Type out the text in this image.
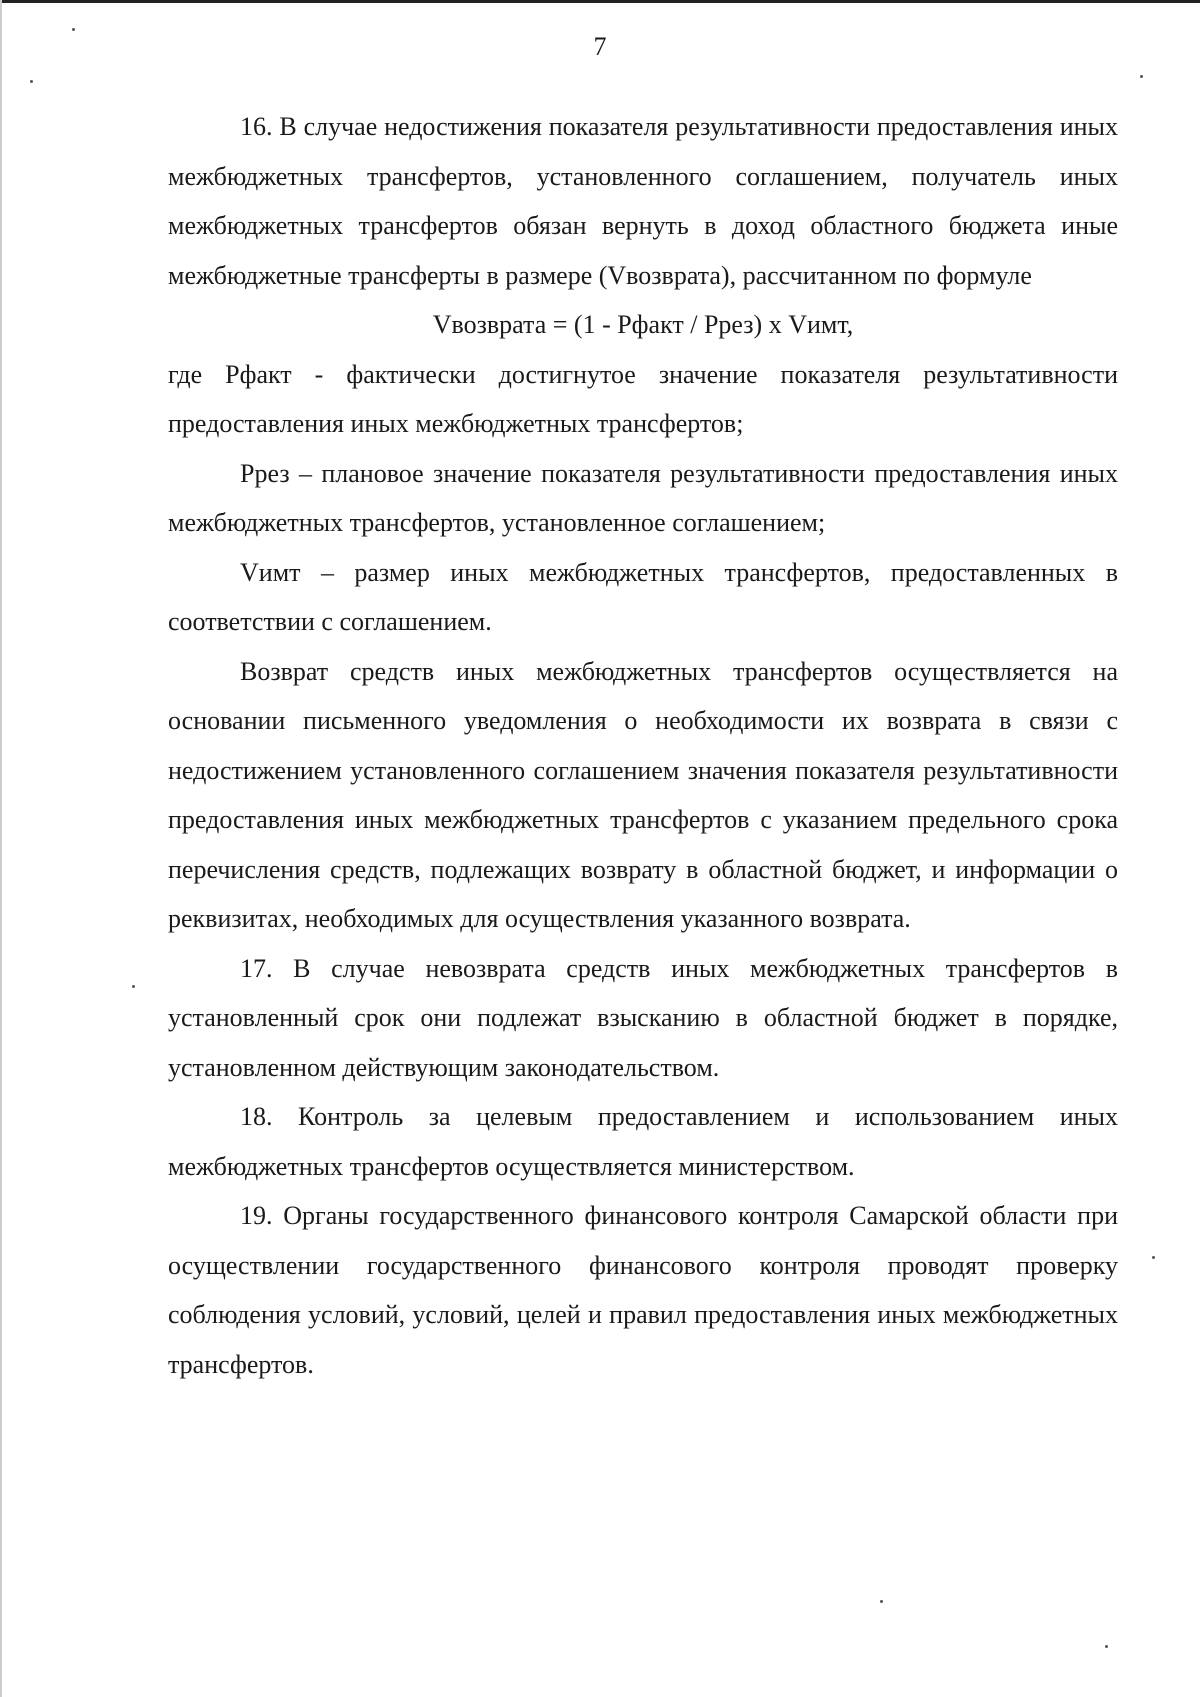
7

16. В случае недостижения показателя результативности предоставления иных межбюджетных трансфертов, установленного соглашением, получатель иных межбюджетных трансфертов обязан вернуть в доход областного бюджета иные межбюджетные трансферты в размере (Vвозврата), рассчитанном по формуле

Vвозврата = (1 - Рфакт / Ррез) х Vимт,

где Рфакт - фактически достигнутое значение показателя результативности предоставления иных межбюджетных трансфертов;

Ррез – плановое значение показателя результативности предоставления иных межбюджетных трансфертов, установленное соглашением;

Vимт – размер иных межбюджетных трансфертов, предоставленных в соответствии с соглашением.

Возврат средств иных межбюджетных трансфертов осуществляется на основании письменного уведомления о необходимости их возврата в связи с недостижением установленного соглашением значения показателя результативности предоставления иных межбюджетных трансфертов с указанием предельного срока перечисления средств, подлежащих возврату в областной бюджет, и информации о реквизитах, необходимых для осуществления указанного возврата.

17. В случае невозврата средств иных межбюджетных трансфертов в установленный срок они подлежат взысканию в областной бюджет в порядке, установленном действующим законодательством.

18. Контроль за целевым предоставлением и использованием иных межбюджетных трансфертов осуществляется министерством.

19. Органы государственного финансового контроля Самарской области при осуществлении государственного финансового контроля проводят проверку соблюдения условий, условий, целей и правил предоставления иных межбюджетных трансфертов.
